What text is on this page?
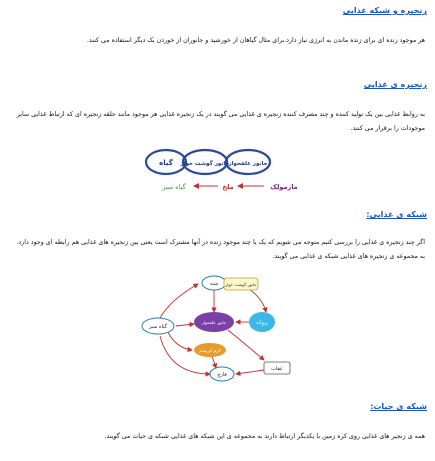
زنجیره و شبکه غذایی
هر موجود زنده ای برای زنده ماندن به انرژی نیاز دارد.برای مثال گیاهان از خورشید و جانوران از خوردن یک دیگر استفاده می کنند.
زنجیره ی غذایی
به روابط غذایی بین یک تولید کننده و چند مصرف کننده زنجیره ی غذایی می گویند در یک زنجیره غذایی هر موجود مانند حلقه زنجیره ای که ارتباط غذایی سایر موجودات را برقرار می کنند.
گیاه جانور گوشت خوار جانور علفخوار
مارمولک
ملخ
گیاه سبز
شبکه ی غذایی:
اگر چند زنجیره ی غذایی را بررسی کنیم متوجه می شویم که یک یا چند موجود زنده در آنها مشترک است یعنی بین زنجیره های غذایی هم رابطه ای وجود دارد. به مجموعه ی زنجیره های غذایی شبکه ی غذایی می گویند.
شته جانور گوشت خوار
گیاه سبز
جانور علفخوار	پروانه
کرم ابریشم
قارچ
عقاب
شبکه ی حیات:
همه ی زنجیر های غذایی روی کره زمین با یکدیگر ارتباط دارند به مجموعه ی این شبکه های غذایی شبکه ی حیات می گویند.
